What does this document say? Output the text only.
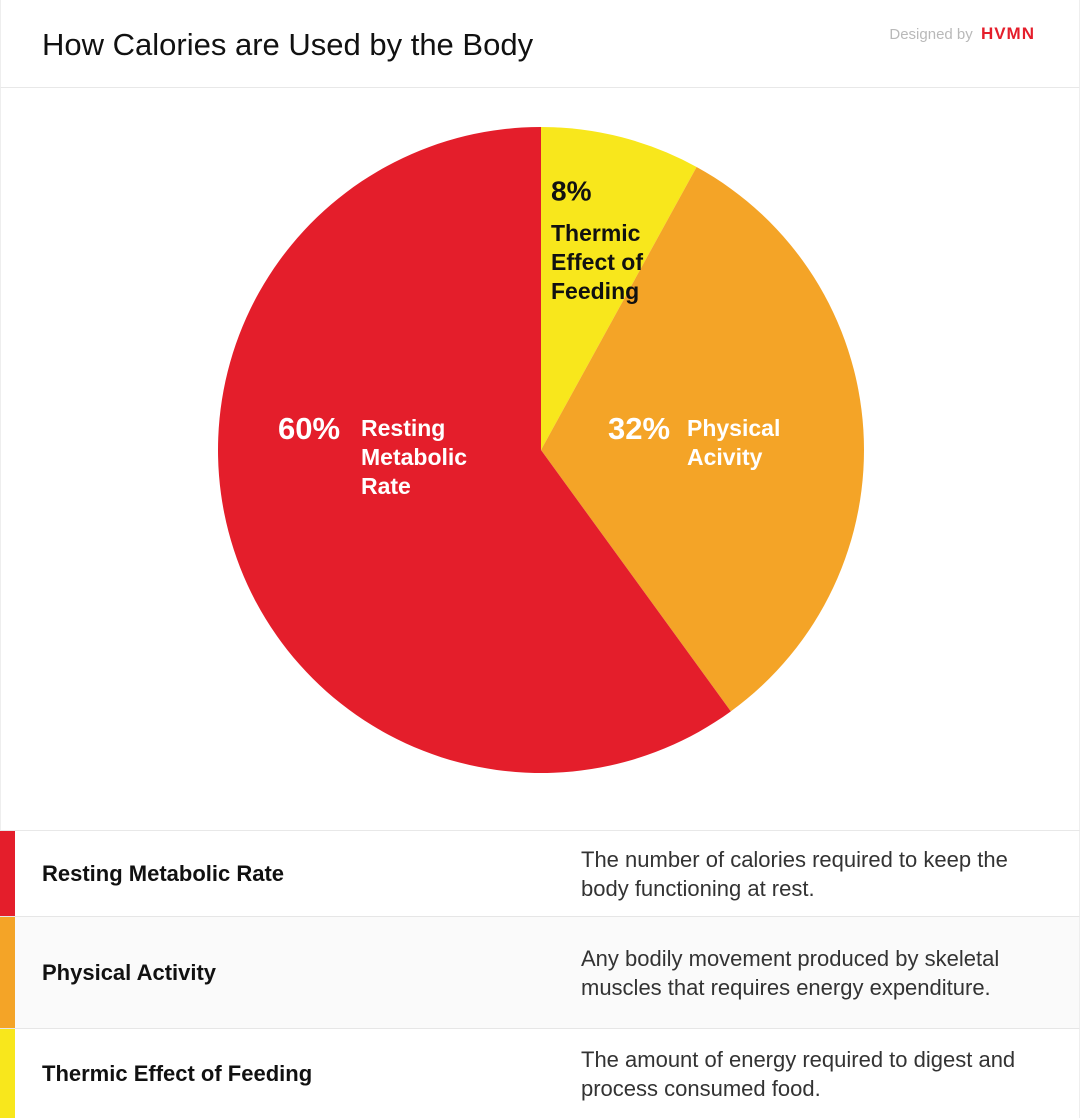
How Calories are Used by the Body	Designed by HVMN
8%
Thermic
Effect of
Feeding
32% Physical
Acivity
60% Resting
Metabolic
Rate
Resting Metabolic Rate
The number of calories required to keep the body functioning at rest.
Physical Activity
Any bodily movement produced by skeletal muscles that requires energy expenditure.
Thermic Effect of Feeding
The amount of energy required to digest and process consumed food.
